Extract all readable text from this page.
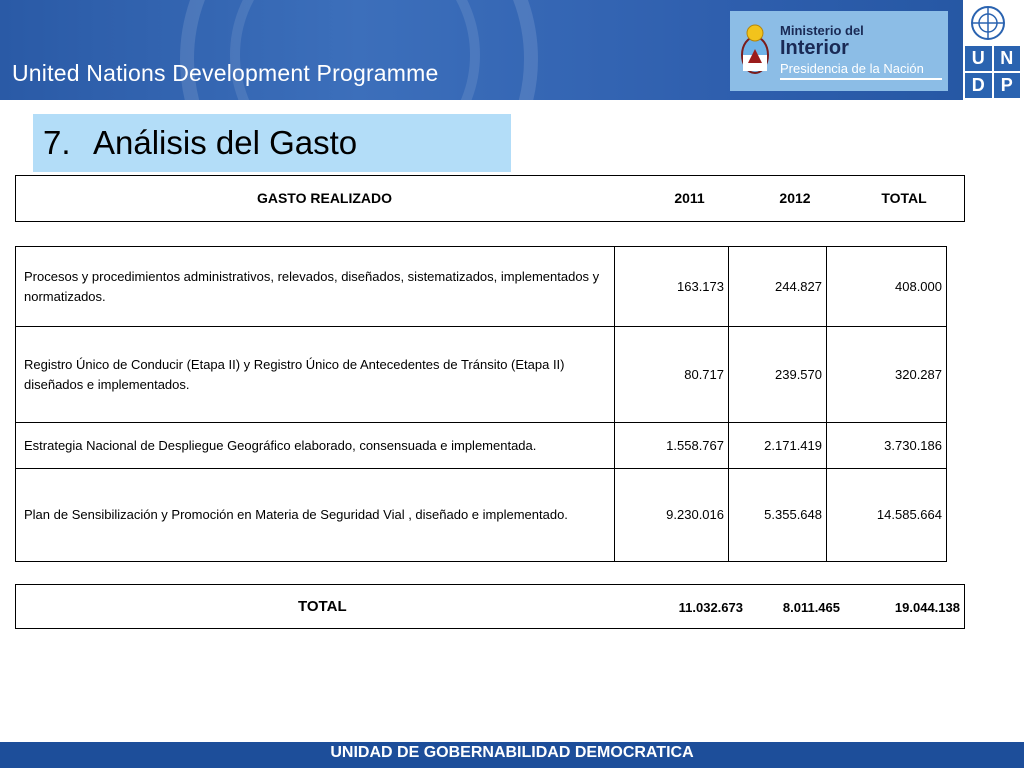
United Nations Development Programme
Ministerio del
Interior
Presidencia de la Nación
U N
D P
7. Análisis del Gasto
GASTO REALIZADO	2011	2012	TOTAL
Procesos y procedimientos administrativos, relevados, diseñados, sistematizados, implementados y normatizados.	163.173	244.827	408.000
Registro Único de Conducir (Etapa II) y Registro Único de Antecedentes de Tránsito (Etapa II) diseñados e implementados.	80.717	239.570	320.287
Estrategia Nacional de Despliegue Geográfico elaborado, consensuada e implementada.	1.558.767	2.171.419	3.730.186
Plan de Sensibilización y Promoción en Materia de Seguridad Vial , diseñado e implementado.	9.230.016	5.355.648	14.585.664
TOTAL	11.032.673	8.011.465	19.044.138
UNIDAD DE GOBERNABILIDAD DEMOCRATICA
